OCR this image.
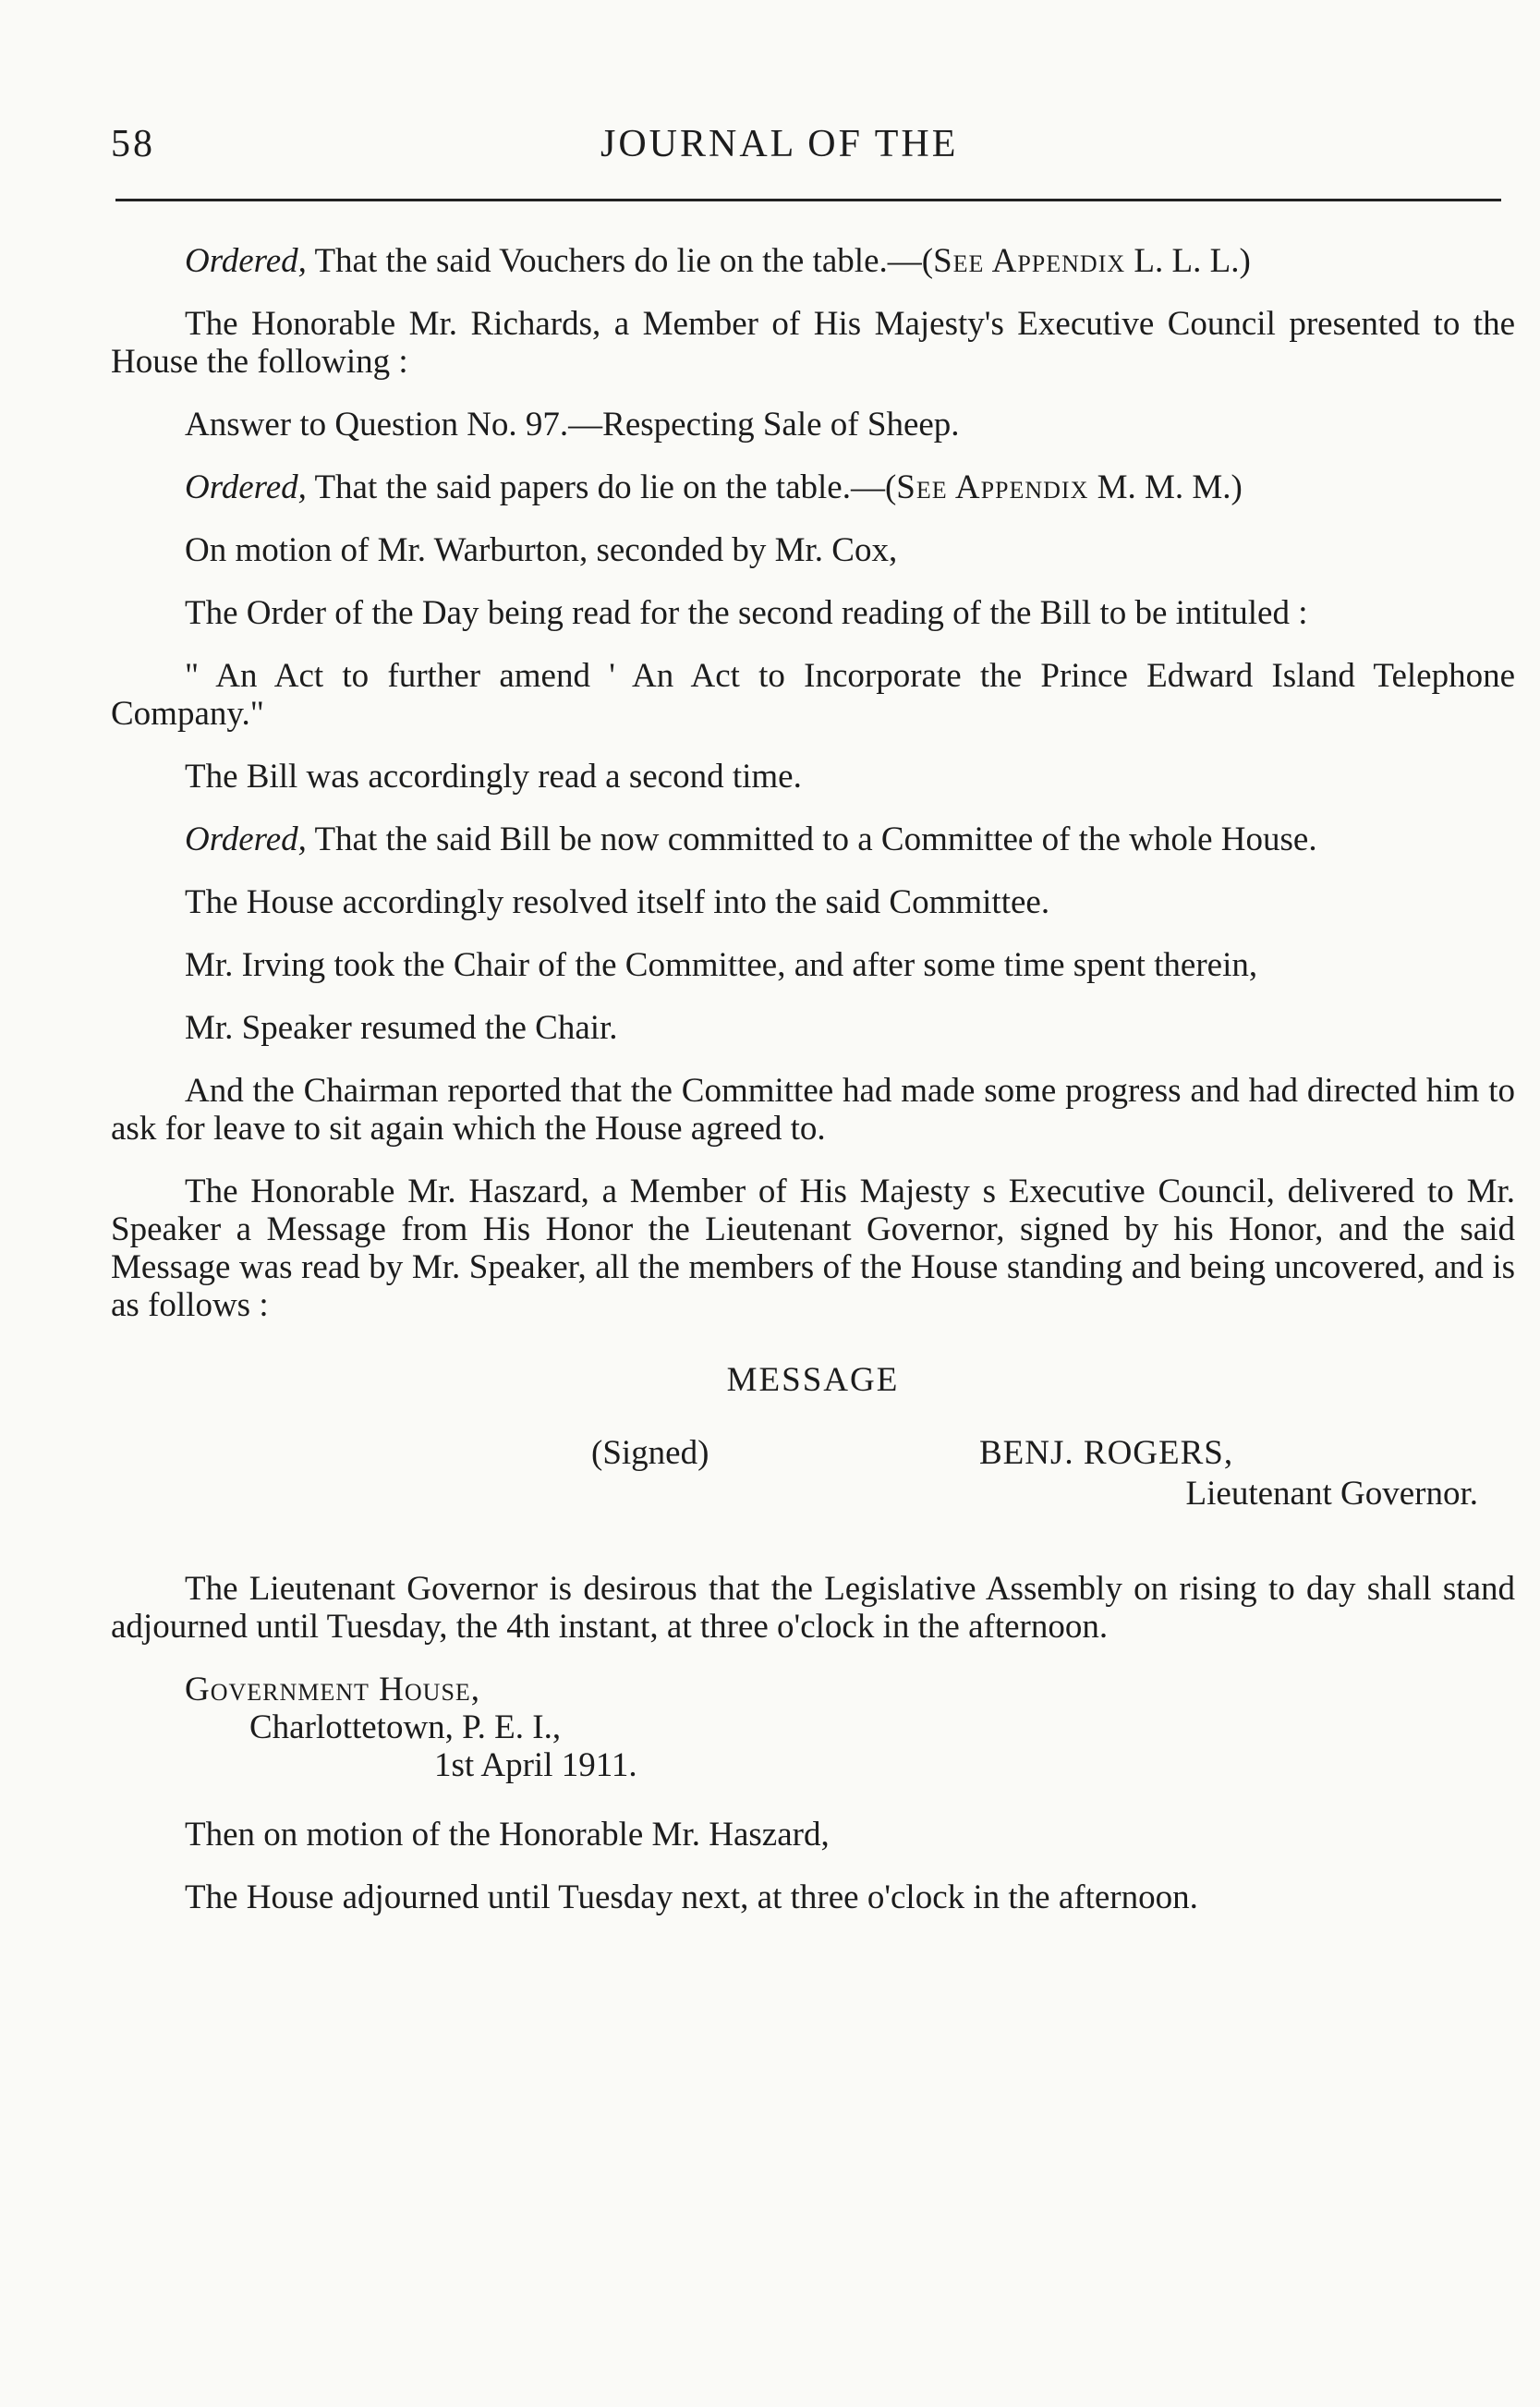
58	JOURNAL OF THE

Ordered, That the said Vouchers do lie on the table.—(See Appendix L. L. L.)

The Honorable Mr. Richards, a Member of His Majesty's Executive Council presented to the House the following :

Answer to Question No. 97.—Respecting Sale of Sheep.

Ordered, That the said papers do lie on the table.—(See Appendix M. M. M.)

On motion of Mr. Warburton, seconded by Mr. Cox,

The Order of the Day being read for the second reading of the Bill to be intituled :

" An Act to further amend ' An Act to Incorporate the Prince Edward Island Telephone Company."

The Bill was accordingly read a second time.

Ordered, That the said Bill be now committed to a Committee of the whole House.

The House accordingly resolved itself into the said Committee.

Mr. Irving took the Chair of the Committee, and after some time spent therein,

Mr. Speaker resumed the Chair.

And the Chairman reported that the Committee had made some progress and had directed him to ask for leave to sit again which the House agreed to.

The Honorable Mr. Haszard, a Member of His Majesty s Executive Council, delivered to Mr. Speaker a Message from His Honor the Lieutenant Governor, signed by his Honor, and the said Message was read by Mr. Speaker, all the members of the House standing and being uncovered, and is as follows :

MESSAGE

(Signed)	BENJ. ROGERS,

Lieutenant Governor.

The Lieutenant Governor is desirous that the Legislative Assembly on rising to day shall stand adjourned until Tuesday, the 4th instant, at three o'clock in the afternoon.

Government House,

Charlottetown, P. E. I.,

1st April 1911.

Then on motion of the Honorable Mr. Haszard,

The House adjourned until Tuesday next, at three o'clock in the afternoon.
